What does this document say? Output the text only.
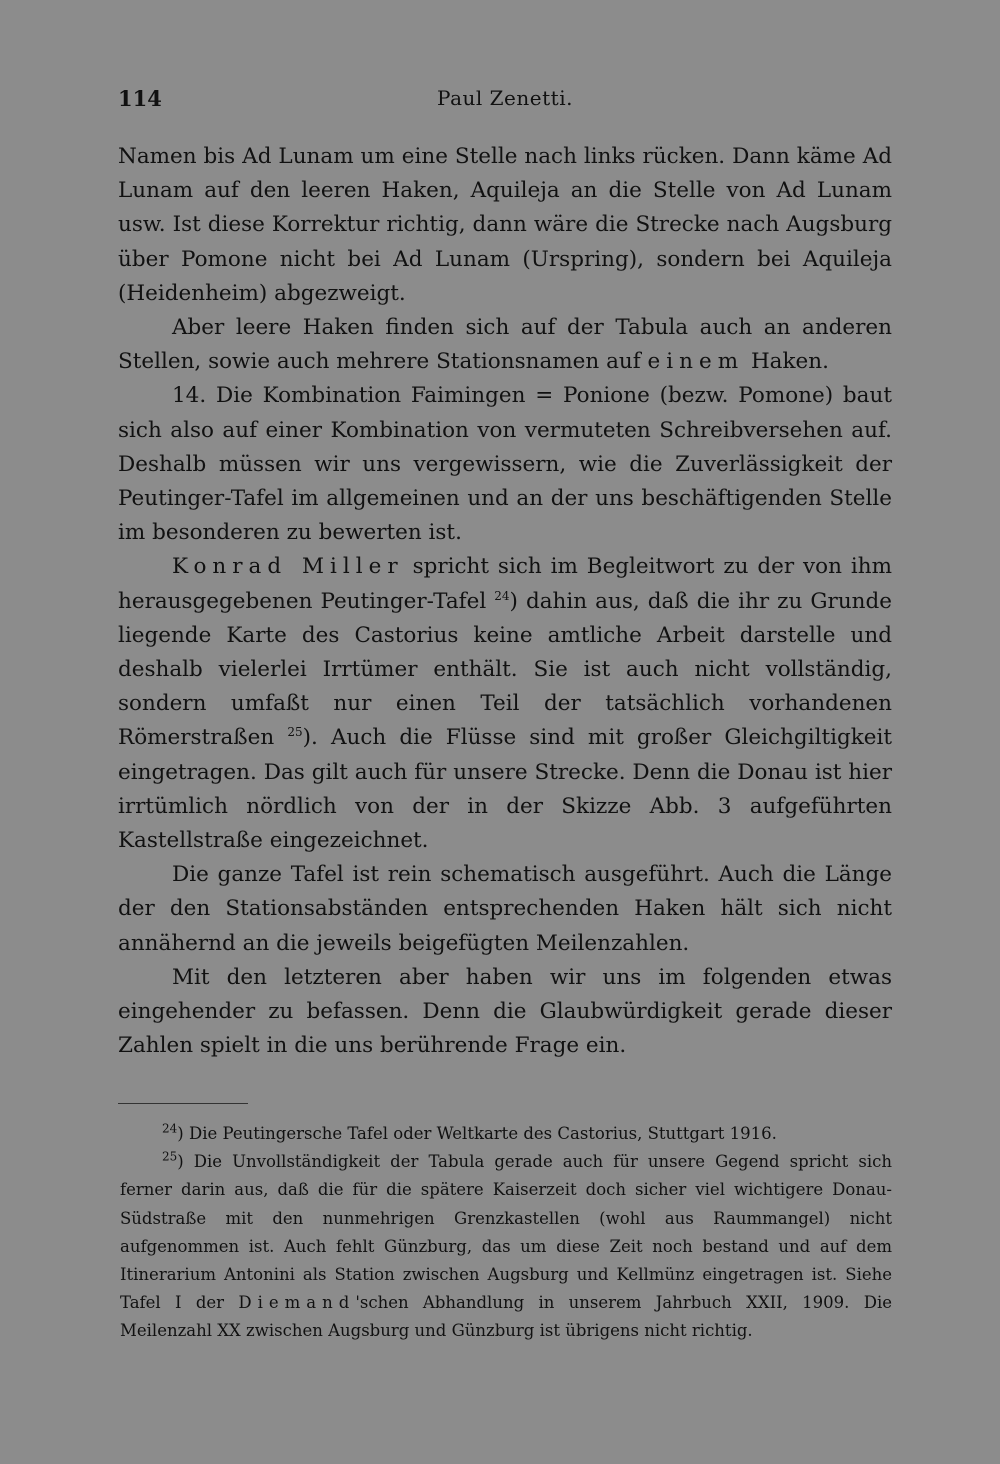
114	Paul Zenetti.

Namen bis Ad Lunam um eine Stelle nach links rücken. Dann käme Ad Lunam auf den leeren Haken, Aquileja an die Stelle von Ad Lunam usw. Ist diese Korrektur richtig, dann wäre die Strecke nach Augsburg über Pomone nicht bei Ad Lunam (Urspring), sondern bei Aquileja (Heidenheim) abgezweigt.

Aber leere Haken finden sich auf der Tabula auch an anderen Stellen, sowie auch mehrere Stationsnamen auf einem Haken.

14. Die Kombination Faimingen = Ponione (bezw. Pomone) baut sich also auf einer Kombination von vermuteten Schreibversehen auf. Deshalb müssen wir uns vergewissern, wie die Zuverlässigkeit der Peutinger-Tafel im allgemeinen und an der uns beschäftigenden Stelle im besonderen zu bewerten ist.

Konrad Miller spricht sich im Begleitwort zu der von ihm herausgegebenen Peutinger-Tafel $^{24}$) dahin aus, daß die ihr zu Grunde liegende Karte des Castorius keine amtliche Arbeit darstelle und deshalb vielerlei Irrtümer enthält. Sie ist auch nicht vollständig, sondern umfaßt nur einen Teil der tatsächlich vorhandenen Römerstraßen $^{25}$). Auch die Flüsse sind mit großer Gleichgiltigkeit eingetragen. Das gilt auch für unsere Strecke. Denn die Donau ist hier irrtümlich nördlich von der in der Skizze Abb. 3 aufgeführten Kastellstraße eingezeichnet.

Die ganze Tafel ist rein schematisch ausgeführt. Auch die Länge der den Stationsabständen entsprechenden Haken hält sich nicht annähernd an die jeweils beigefügten Meilenzahlen.

Mit den letzteren aber haben wir uns im folgenden etwas eingehender zu befassen. Denn die Glaubwürdigkeit gerade dieser Zahlen spielt in die uns berührende Frage ein.

$^{24}$) Die Peutingersche Tafel oder Weltkarte des Castorius, Stuttgart 1916.

$^{25}$) Die Unvollständigkeit der Tabula gerade auch für unsere Gegend spricht sich ferner darin aus, daß die für die spätere Kaiserzeit doch sicher viel wichtigere Donau-Südstraße mit den nunmehrigen Grenzkastellen (wohl aus Raummangel) nicht aufgenommen ist. Auch fehlt Günzburg, das um diese Zeit noch bestand und auf dem Itinerarium Antonini als Station zwischen Augsburg und Kellmünz eingetragen ist. Siehe Tafel I der Diemand'schen Abhandlung in unserem Jahrbuch XXII, 1909. Die Meilenzahl XX zwischen Augsburg und Günzburg ist übrigens nicht richtig.
